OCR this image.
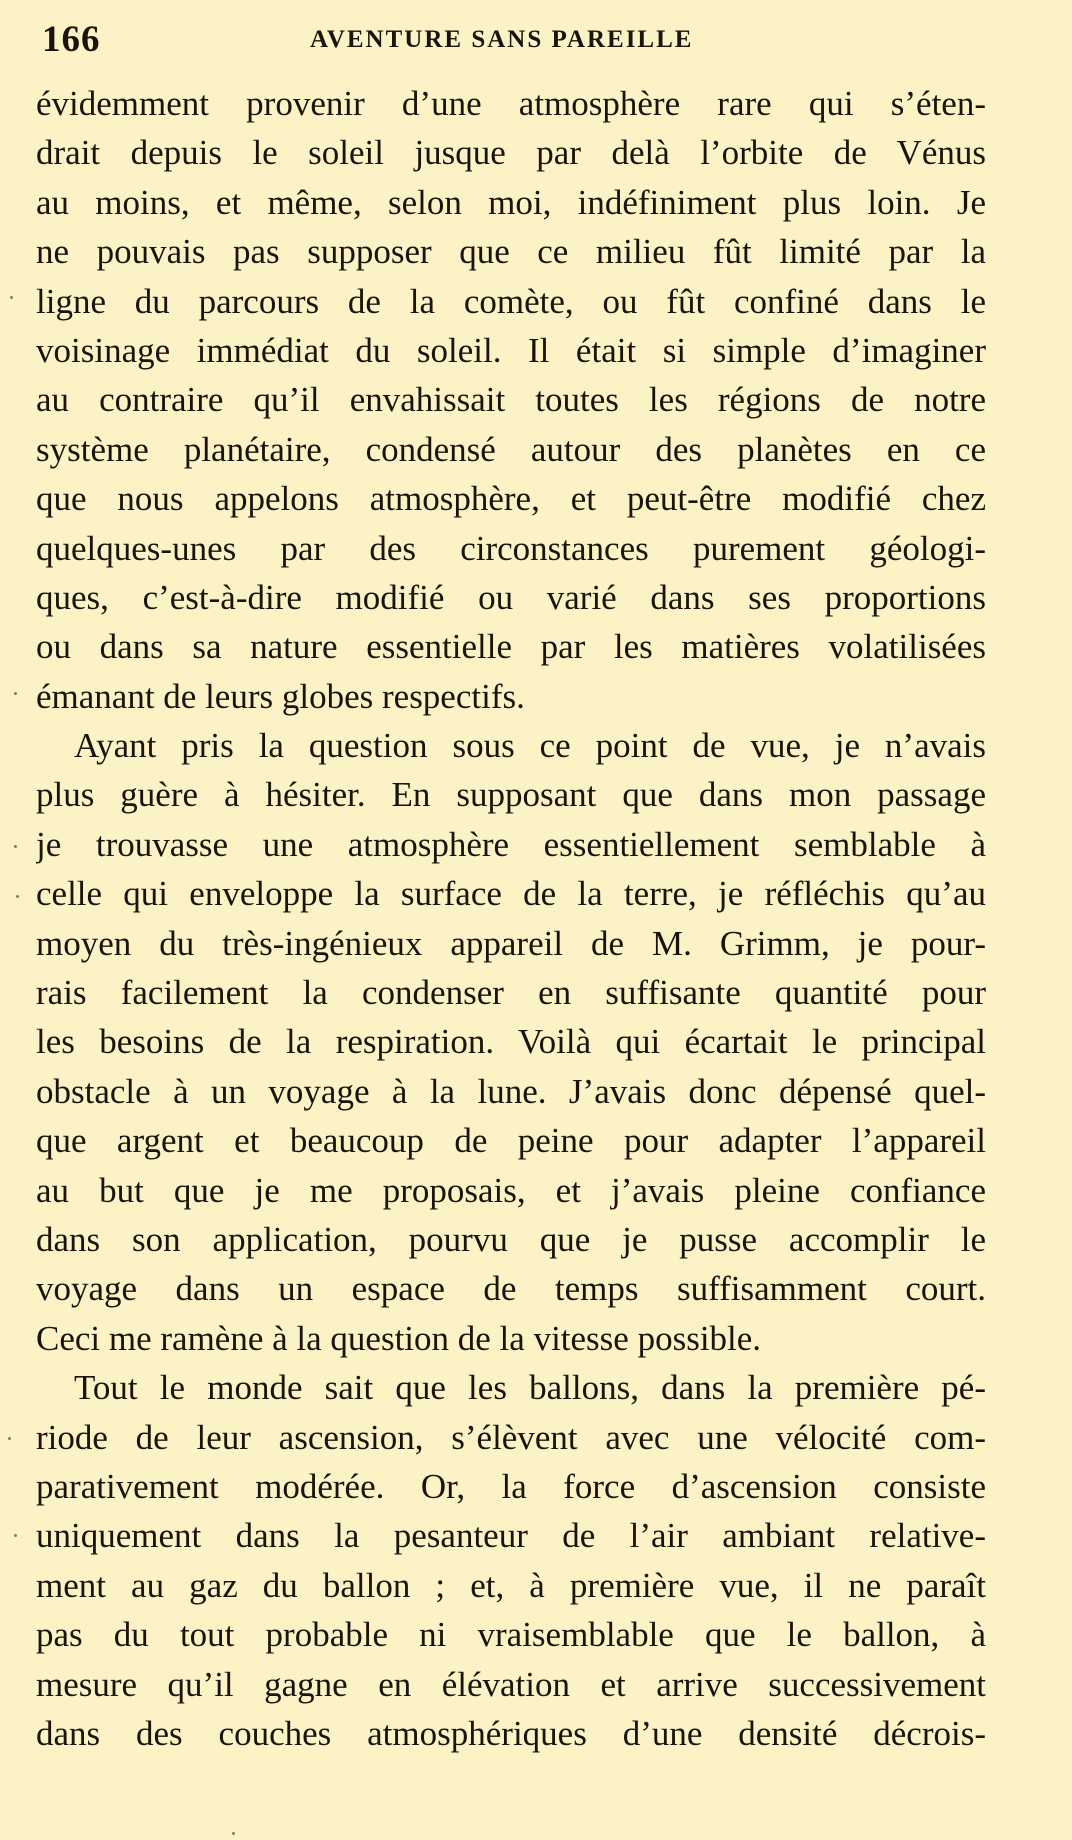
166	AVENTURE SANS PAREILLE
évidemment provenir d’une atmosphère rare qui s’éten-
drait depuis le soleil jusque par delà l’orbite de Vénus
au moins, et même, selon moi, indéfiniment plus loin. Je
ne pouvais pas supposer que ce milieu fût limité par la
ligne du parcours de la comète, ou fût confiné dans le
voisinage immédiat du soleil. Il était si simple d’imaginer
au contraire qu’il envahissait toutes les régions de notre
système planétaire, condensé autour des planètes en ce
que nous appelons atmosphère, et peut-être modifié chez
quelques-unes par des circonstances purement géologi-
ques, c’est-à-dire modifié ou varié dans ses proportions
ou dans sa nature essentielle par les matières volatilisées
émanant de leurs globes respectifs.
Ayant pris la question sous ce point de vue, je n’avais
plus guère à hésiter. En supposant que dans mon passage
je trouvasse une atmosphère essentiellement semblable à
celle qui enveloppe la surface de la terre, je réfléchis qu’au
moyen du très-ingénieux appareil de M. Grimm, je pour-
rais facilement la condenser en suffisante quantité pour
les besoins de la respiration. Voilà qui écartait le principal
obstacle à un voyage à la lune. J’avais donc dépensé quel-
que argent et beaucoup de peine pour adapter l’appareil
au but que je me proposais, et j’avais pleine confiance
dans son application, pourvu que je pusse accomplir le
voyage dans un espace de temps suffisamment court.
Ceci me ramène à la question de la vitesse possible.
Tout le monde sait que les ballons, dans la première pé-
riode de leur ascension, s’élèvent avec une vélocité com-
parativement modérée. Or, la force d’ascension consiste
uniquement dans la pesanteur de l’air ambiant relative-
ment au gaz du ballon ; et, à première vue, il ne paraît
pas du tout probable ni vraisemblable que le ballon, à
mesure qu’il gagne en élévation et arrive successivement
dans des couches atmosphériques d’une densité décrois-
